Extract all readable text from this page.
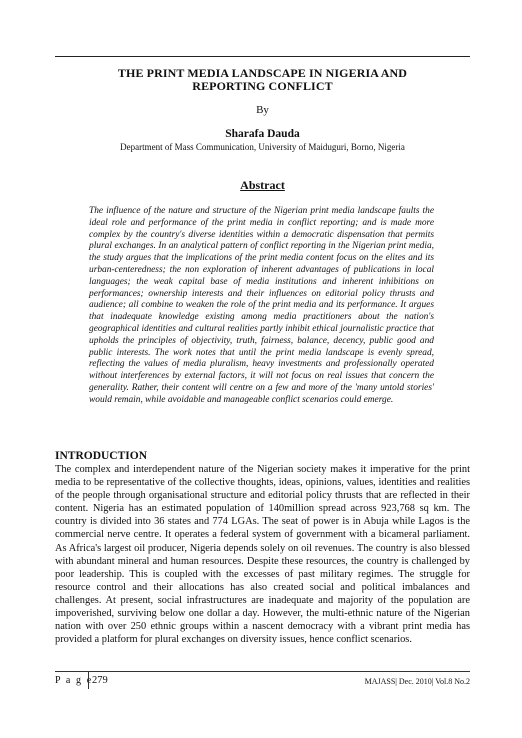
THE PRINT MEDIA LANDSCAPE IN NIGERIA AND
REPORTING CONFLICT
By
Sharafa Dauda
Department of Mass Communication, University of Maiduguri, Borno, Nigeria
Abstract
The influence of the nature and structure of the Nigerian print media landscape faults the ideal role and performance of the print media in conflict reporting; and is made more complex by the country's diverse identities within a democratic dispensation that permits plural exchanges. In an analytical pattern of conflict reporting in the Nigerian print media, the study argues that the implications of the print media content focus on the elites and its urban-centeredness; the non exploration of inherent advantages of publications in local languages; the weak capital base of media institutions and inherent inhibitions on performances; ownership interests and their influences on editorial policy thrusts and audience; all combine to weaken the role of the print media and its performance. It argues that inadequate knowledge existing among media practitioners about the nation's geographical identities and cultural realities partly inhibit ethical journalistic practice that upholds the principles of objectivity, truth, fairness, balance, decency, public good and public interests. The work notes that until the print media landscape is evenly spread, reflecting the values of media pluralism, heavy investments and professionally operated without interferences by external factors, it will not focus on real issues that concern the generality. Rather, their content will centre on a few and more of the 'many untold stories' would remain, while avoidable and manageable conflict scenarios could emerge.
INTRODUCTION
The complex and interdependent nature of the Nigerian society makes it imperative for the print media to be representative of the collective thoughts, ideas, opinions, values, identities and realities of the people through organisational structure and editorial policy thrusts that are reflected in their content. Nigeria has an estimated population of 140million spread across 923,768 sq km. The country is divided into 36 states and 774 LGAs. The seat of power is in Abuja while Lagos is the commercial nerve centre. It operates a federal system of government with a bicameral parliament. As Africa's largest oil producer, Nigeria depends solely on oil revenues. The country is also blessed with abundant mineral and human resources. Despite these resources, the country is challenged by poor leadership. This is coupled with the excesses of past military regimes. The struggle for resource control and their allocations has also created social and political imbalances and challenges. At present, social infrastructures are inadequate and majority of the population are impoverished, surviving below one dollar a day. However, the multi-ethnic nature of the Nigerian nation with over 250 ethnic groups within a nascent democracy with a vibrant print media has provided a platform for plural exchanges on diversity issues, hence conflict scenarios.
P a g e 279	MAJASS| Dec. 2010| Vol.8 No.2
